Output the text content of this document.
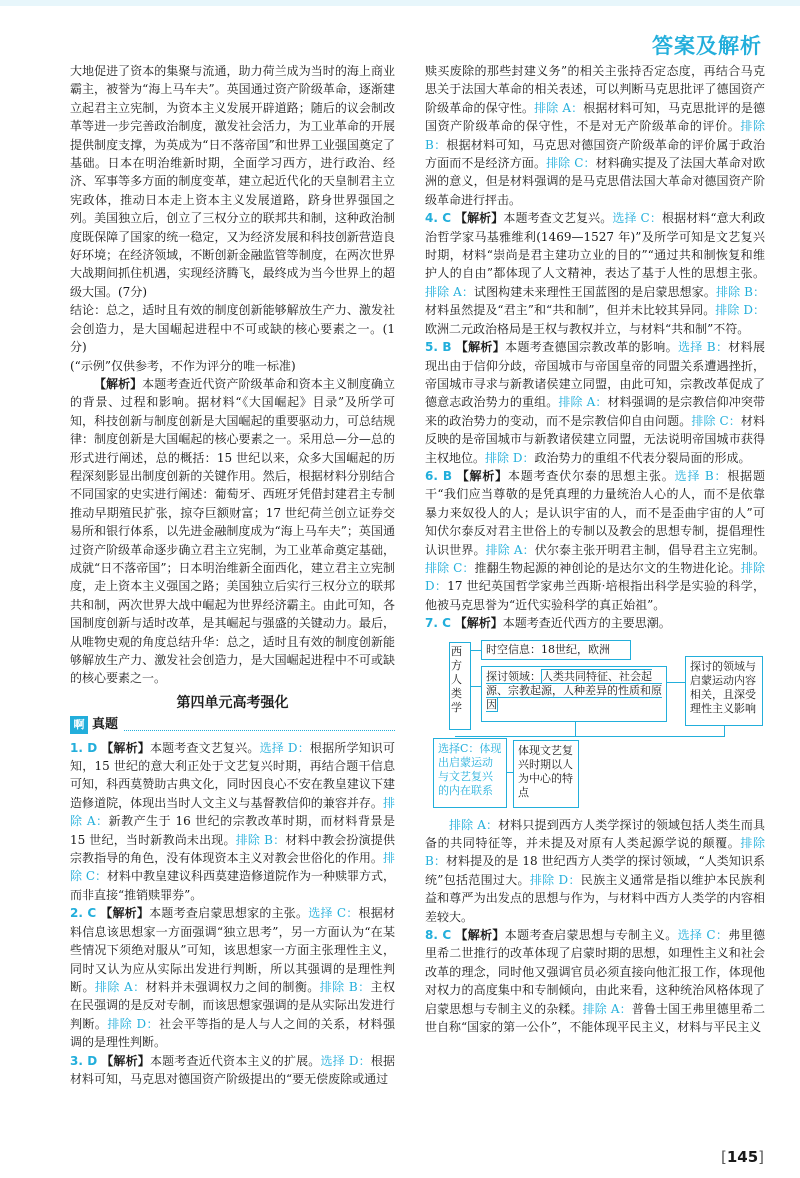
答案及解析

大地促进了资本的集聚与流通，助力荷兰成为当时的海上商业霸主，被誉为“海上马车夫”。英国通过资产阶级革命，逐渐建立起君主立宪制，为资本主义发展开辟道路；随后的议会制改革等进一步完善政治制度，激发社会活力，为工业革命的开展提供制度支撑，为英成为“日不落帝国”和世界工业强国奠定了基础。日本在明治维新时期，全面学习西方，进行政治、经济、军事等多方面的制度变革，建立起近代化的天皇制君主立宪政体，推动日本走上资本主义发展道路，跻身世界强国之列。美国独立后，创立了三权分立的联邦共和制，这种政治制度既保障了国家的统一稳定，又为经济发展和科技创新营造良好环境；在经济领域，不断创新金融监管等制度，在两次世界大战期间抓住机遇，实现经济腾飞，最终成为当今世界上的超级大国。(7分)

结论：总之，适时且有效的制度创新能够解放生产力、激发社会创造力，是大国崛起进程中不可或缺的核心要素之一。(1分)

(“示例”仅供参考，不作为评分的唯一标准)

【解析】本题考查近代资产阶级革命和资本主义制度确立的背景、过程和影响。据材料“《大国崛起》目录”及所学可知，科技创新与制度创新是大国崛起的重要驱动力，可总结规律：制度创新是大国崛起的核心要素之一。采用总—分—总的形式进行阐述，总的概括：15 世纪以来，众多大国崛起的历程深刻影显出制度创新的关键作用。然后，根据材料分别结合不同国家的史实进行阐述：葡萄牙、西班牙凭借封建君主专制推动早期殖民扩张，掠夺巨额财富；17 世纪荷兰创立证券交易所和银行体系，以先进金融制度成为“海上马车夫”；英国通过资产阶级革命逐步确立君主立宪制，为工业革命奠定基础，成就“日不落帝国”；日本明治维新全面西化，建立君主立宪制度，走上资本主义强国之路；美国独立后实行三权分立的联邦共和制，两次世界大战中崛起为世界经济霸主。由此可知，各国制度创新与适时改革，是其崛起与强盛的关键动力。最后，从唯物史观的角度总结升华：总之，适时且有效的制度创新能够解放生产力、激发社会创造力，是大国崛起进程中不可或缺的核心要素之一。

第四单元高考强化
啊 真题

1. D 【解析】本题考查文艺复兴。选择 D：根据所学知识可知，15 世纪的意大利正处于文艺复兴时期，再结合题干信息可知，科西莫赞助古典文化，同时因良心不安在教皇建议下建造修道院，体现出当时人文主义与基督教信仰的兼容并存。排除 A：新教产生于 16 世纪的宗教改革时期，而材料背景是 15 世纪，当时新教尚未出现。排除 B：材料中教会扮演提供宗教指导的角色，没有体现资本主义对教会世俗化的作用。排除 C：材料中教皇建议科西莫建造修道院作为一种赎罪方式，而非直接“推销赎罪券”。

2. C 【解析】本题考查启蒙思想家的主张。选择 C：根据材料信息该思想家一方面强调“独立思考”，另一方面认为“在某些情况下须绝对服从”可知，该思想家一方面主张理性主义，同时又认为应从实际出发进行判断，所以其强调的是理性判断。排除 A：材料并未强调权力之间的制衡。排除 B：主权在民强调的是反对专制，而该思想家强调的是从实际出发进行判断。排除 D：社会平等指的是人与人之间的关系，材料强调的是理性判断。

3. D 【解析】本题考查近代资本主义的扩展。选择 D：根据材料可知，马克思对德国资产阶级提出的“要无偿废除或通过

赎买废除的那些封建义务”的相关主张持否定态度，再结合马克思关于法国大革命的相关表述，可以判断马克思批评了德国资产阶级革命的保守性。排除 A：根据材料可知，马克思批评的是德国资产阶级革命的保守性，不是对无产阶级革命的评价。排除 B：根据材料可知，马克思对德国资产阶级革命的评价属于政治方面而不是经济方面。排除 C：材料确实提及了法国大革命对欧洲的意义，但是材料强调的是马克思借法国大革命对德国资产阶级革命进行抨击。

4. C 【解析】本题考查文艺复兴。选择 C：根据材料“意大利政治哲学家马基雅维利(1469—1527 年)”及所学可知是文艺复兴时期，材料“崇尚是君主建功立业的目的”“通过共和制恢复和维护人的自由”都体现了人文精神，表达了基于人性的思想主张。排除 A：试图构建未来理性王国蓝图的是启蒙思想家。排除 B：材料虽然提及“君主”和“共和制”，但并未比较其异同。排除 D：欧洲二元政治格局是王权与教权并立，与材料“共和制”不符。

5. B 【解析】本题考查德国宗教改革的影响。选择 B：材料展现出由于信仰分歧，帝国城市与帝国皇帝的同盟关系遭遇挫折，帝国城市寻求与新教诸侯建立同盟，由此可知，宗教改革促成了德意志政治势力的重组。排除 A：材料强调的是宗教信仰冲突带来的政治势力的变动，而不是宗教信仰自由问题。排除 C：材料反映的是帝国城市与新教诸侯建立同盟，无法说明帝国城市获得主权地位。排除 D：政治势力的重组不代表分裂局面的形成。

6. B 【解析】本题考查伏尔泰的思想主张。选择 B：根据题干“我们应当尊敬的是凭真理的力量统治人心的人，而不是依靠暴力来奴役人的人；是认识宇宙的人，而不是歪曲宇宙的人”可知伏尔泰反对君主世俗上的专制以及教会的思想专制，提倡理性认识世界。排除 A：伏尔泰主张开明君主制，倡导君主立宪制。排除 C：推翻生物起源的神创论的是达尔文的生物进化论。排除 D：17 世纪英国哲学家弗兰西斯·培根指出科学是实验的科学，他被马克思誉为“近代实验科学的真正始祖”。

7. C 【解析】本题考查近代西方的主要思潮。

西方人类学
时空信息：18世纪，欧洲
探讨领域：人类共同特征、社会起源、宗教起源，人种差异的性质和原因
探讨的领域与启蒙运动内容相关，且深受理性主义影响
选择C：体现出启蒙运动与文艺复兴的内在联系
体现文艺复兴时期以人为中心的特点

排除 A：材料只提到西方人类学探讨的领域包括人类生而具备的共同特征等，并未提及对原有人类起源学说的颠覆。排除 B：材料提及的是 18 世纪西方人类学的探讨领域，“人类知识系统”包括范围过大。排除 D：民族主义通常是指以维护本民族利益和尊严为出发点的思想与作为，与材料中西方人类学的内容相差较大。

8. C 【解析】本题考查启蒙思想与专制主义。选择 C：弗里德里希二世推行的改革体现了启蒙时期的思想，如理性主义和社会改革的理念，同时他又强调官员必须直接向他汇报工作，体现他对权力的高度集中和专制倾向，由此来看，这种统治风格体现了启蒙思想与专制主义的杂糅。排除 A：普鲁士国王弗里德里希二世自称“国家的第一公仆”，不能体现平民主义，材料与平民主义

[145]
